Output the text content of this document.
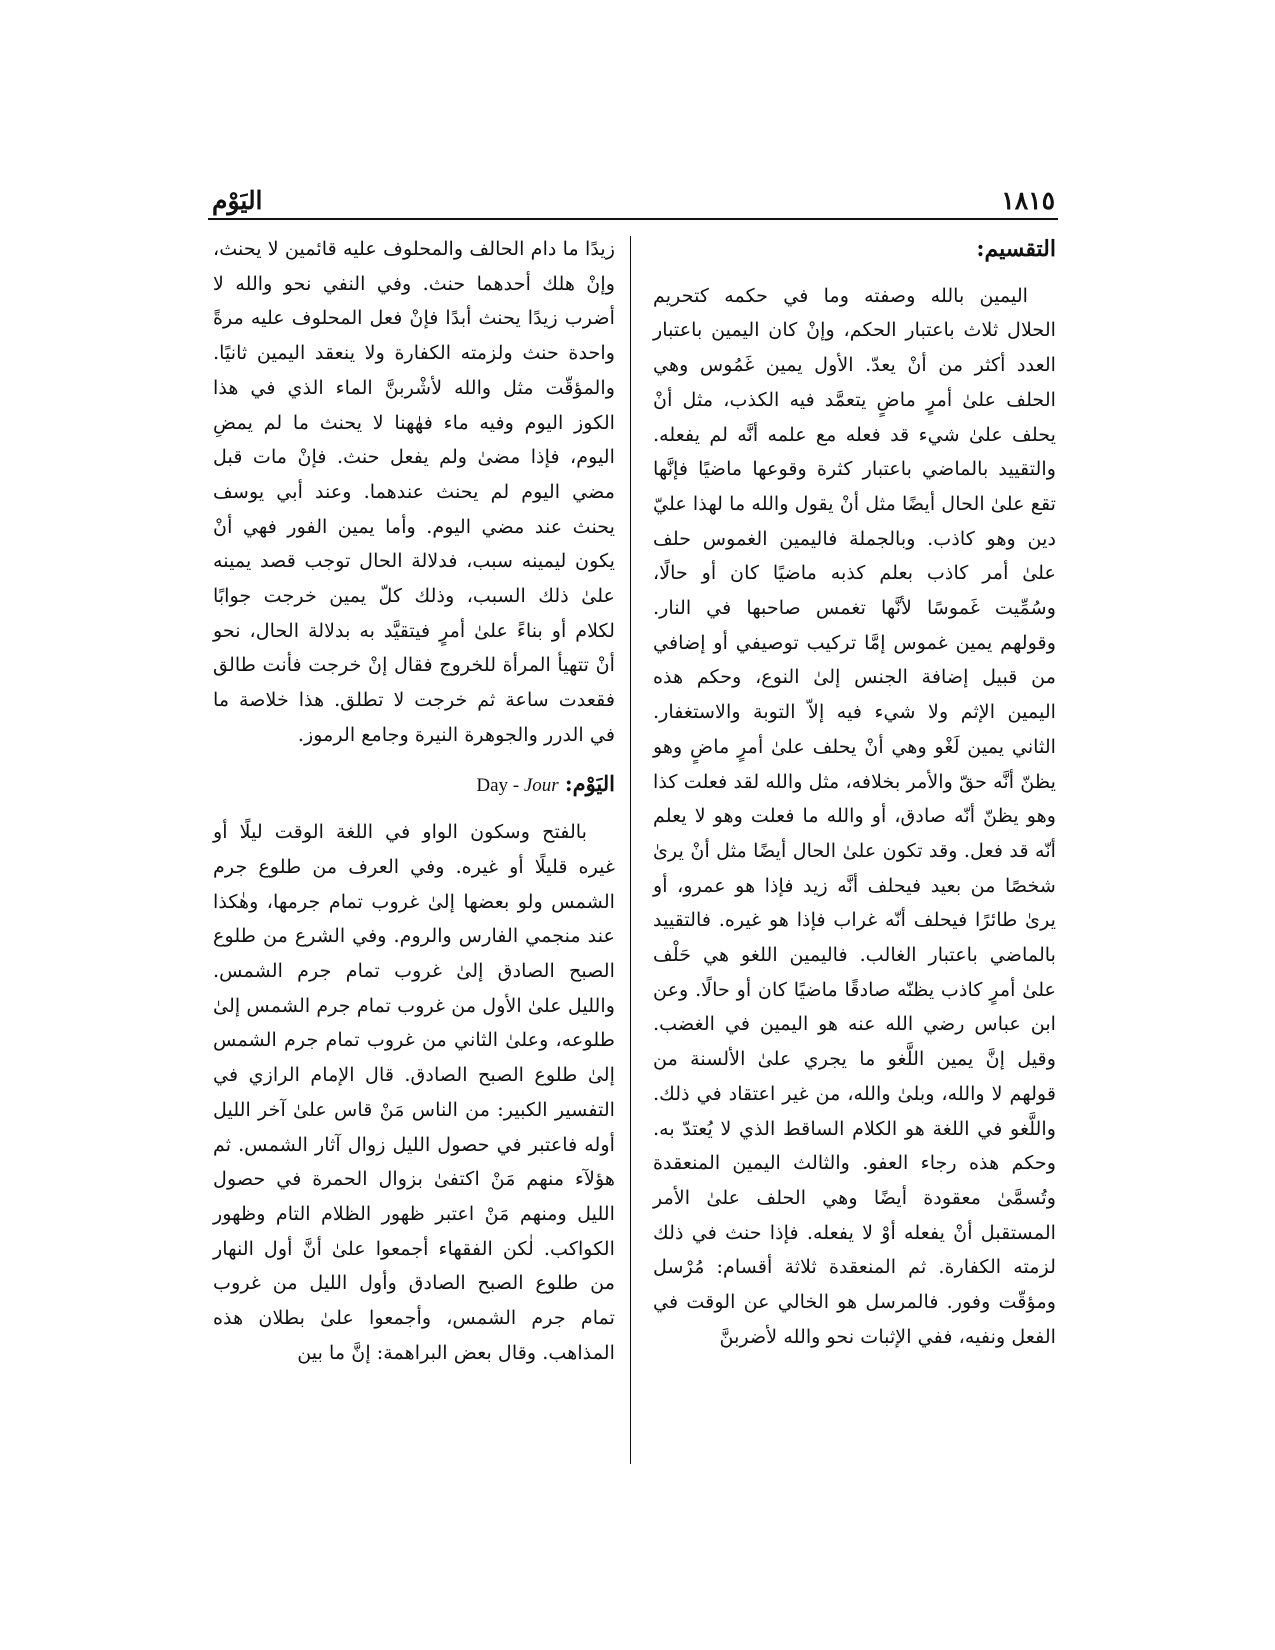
١٨١٥
اليَوْم

التقسيم:

اليمين بالله وصفته وما في حكمه كتحريم الحلال ثلاث باعتبار الحكم، وإنْ كان اليمين باعتبار العدد أكثر من أنْ يعدّ. الأول يمين غَمُوس وهي الحلف علىٰ أمرٍ ماضٍ يتعمَّد فيه الكذب، مثل أنْ يحلف علىٰ شيء قد فعله مع علمه أنَّه لم يفعله. والتقييد بالماضي باعتبار كثرة وقوعها ماضيًا فإنَّها تقع علىٰ الحال أيضًا مثل أنْ يقول والله ما لهذا عليّ دين وهو كاذب. وبالجملة فاليمين الغموس حلف علىٰ أمر كاذب بعلم كذبه ماضيًا كان أو حالًا، وسُمِّيت غَموسًا لأنَّها تغمس صاحبها في النار. وقولهم يمين غموس إمَّا تركيب توصيفي أو إضافي من قبيل إضافة الجنس إلىٰ النوع، وحكم هذه اليمين الإثم ولا شيء فيه إلاّ التوبة والاستغفار. الثاني يمين لَغْو وهي أنْ يحلف علىٰ أمرٍ ماضٍ وهو يظنّ أنَّه حقّ والأمر بخلافه، مثل والله لقد فعلت كذا وهو يظنّ أنّه صادق، أو والله ما فعلت وهو لا يعلم أنّه قد فعل. وقد تكون علىٰ الحال أيضًا مثل أنْ يرىٰ شخصًا من بعيد فيحلف أنَّه زيد فإذا هو عمرو، أو يرىٰ طائرًا فيحلف أنّه غراب فإذا هو غيره. فالتقييد بالماضي باعتبار الغالب. فاليمين اللغو هي حَلْف علىٰ أمرٍ كاذب يظنّه صادقًا ماضيًا كان أو حالًا. وعن ابن عباس رضي الله عنه هو اليمين في الغضب. وقيل إنَّ يمين اللَّغو ما يجري علىٰ الألسنة من قولهم لا والله، وبلىٰ والله، من غير اعتقاد في ذلك. واللَّغو في اللغة هو الكلام الساقط الذي لا يُعتدّ به. وحكم هذه رجاء العفو. والثالث اليمين المنعقدة وتُسمَّىٰ معقودة أيضًا وهي الحلف علىٰ الأمر المستقبل أنْ يفعله أوْ لا يفعله. فإذا حنث في ذلك لزمته الكفارة. ثم المنعقدة ثلاثة أقسام: مُرْسل ومؤقّت وفور. فالمرسل هو الخالي عن الوقت في الفعل ونفيه، ففي الإثبات نحو والله لأضربنَّ

زيدًا ما دام الحالف والمحلوف عليه قائمين لا يحنث، وإنْ هلك أحدهما حنث. وفي النفي نحو والله لا أضرب زيدًا يحنث أبدًا فإنْ فعل المحلوف عليه مرةً واحدة حنث ولزمته الكفارة ولا ينعقد اليمين ثانيًا. والمؤقّت مثل والله لأشْربنَّ الماء الذي في هذا الكوز اليوم وفيه ماء فهٰهنا لا يحنث ما لم يمضِ اليوم، فإذا مضىٰ ولم يفعل حنث. فإنْ مات قبل مضي اليوم لم يحنث عندهما. وعند أبي يوسف يحنث عند مضي اليوم. وأما يمين الفور فهي أنْ يكون ليمينه سبب، فدلالة الحال توجب قصد يمينه علىٰ ذلك السبب، وذلك كلّ يمين خرجت جوابًا لكلام أو بناءً علىٰ أمرٍ فيتقيَّد به بدلالة الحال، نحو أنْ تتهيأ المرأة للخروج فقال إنْ خرجت فأنت طالق فقعدت ساعة ثم خرجت لا تطلق. هذا خلاصة ما في الدرر والجوهرة النيرة وجامع الرموز.

اليَوْم: Day - Jour

بالفتح وسكون الواو في اللغة الوقت ليلًا أو غيره قليلًا أو غيره. وفي العرف من طلوع جرم الشمس ولو بعضها إلىٰ غروب تمام جرمها، وهٰكذا عند منجمي الفارس والروم. وفي الشرع من طلوع الصبح الصادق إلىٰ غروب تمام جرم الشمس. والليل علىٰ الأول من غروب تمام جرم الشمس إلىٰ طلوعه، وعلىٰ الثاني من غروب تمام جرم الشمس إلىٰ طلوع الصبح الصادق. قال الإمام الرازي في التفسير الكبير: من الناس مَنْ قاس علىٰ آخر الليل أوله فاعتبر في حصول الليل زوال آثار الشمس. ثم هؤلآء منهم مَنْ اكتفىٰ بزوال الحمرة في حصول الليل ومنهم مَنْ اعتبر ظهور الظلام التام وظهور الكواكب. لٰكن الفقهاء أجمعوا علىٰ أنَّ أول النهار من طلوع الصبح الصادق وأول الليل من غروب تمام جرم الشمس، وأجمعوا علىٰ بطلان هذه المذاهب. وقال بعض البراهمة: إنَّ ما بين
